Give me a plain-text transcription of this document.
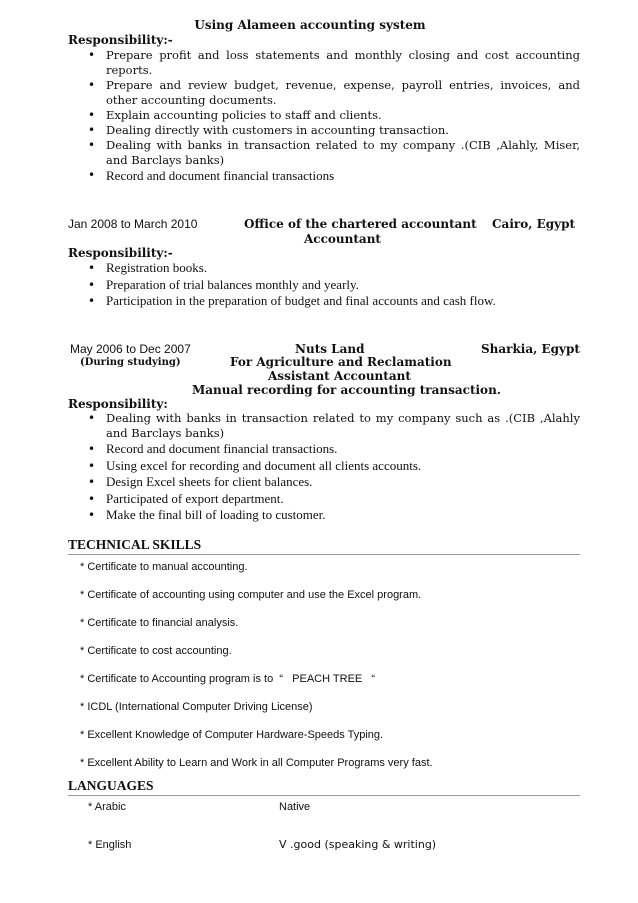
Using Alameen accounting system
Responsibility:-
• Prepare profit and loss statements and monthly closing and cost accounting reports.
• Prepare and review budget, revenue, expense, payroll entries, invoices, and other accounting documents.
• Explain accounting policies to staff and clients.
• Dealing directly with customers in accounting transaction.
• Dealing with banks in transaction related to my company .(CIB ,Alahly, Miser, and Barclays banks)
• Record and document financial transactions
Jan 2008 to March 2010	Office of the chartered accountant Cairo, Egypt
Accountant
Responsibility:-
• Registration books.
• Preparation of trial balances monthly and yearly.
• Participation in the preparation of budget and final accounts and cash flow.
May 2006 to Dec 2007	Nuts Land	Sharkia, Egypt
(During studying)	For Agriculture and Reclamation
Assistant Accountant
Manual recording for accounting transaction.
Responsibility:
• Dealing with banks in transaction related to my company such as .(CIB ,Alahly and Barclays banks)
• Record and document financial transactions.
• Using excel for recording and document all clients accounts.
• Design Excel sheets for client balances.
• Participated of export department.
• Make the final bill of loading to customer.
TECHNICAL SKILLS
* Certificate to manual accounting.
* Certificate of accounting using computer and use the Excel program.
* Certificate to financial analysis.
* Certificate to cost accounting.
* Certificate to Accounting program is to  “   PEACH TREE   “
* ICDL (International Computer Driving License)
* Excellent Knowledge of Computer Hardware-Speeds Typing.
* Excellent Ability to Learn and Work in all Computer Programs very fast.
LANGUAGES
* Arabic	Native
* English	V .good (speaking & writing)
